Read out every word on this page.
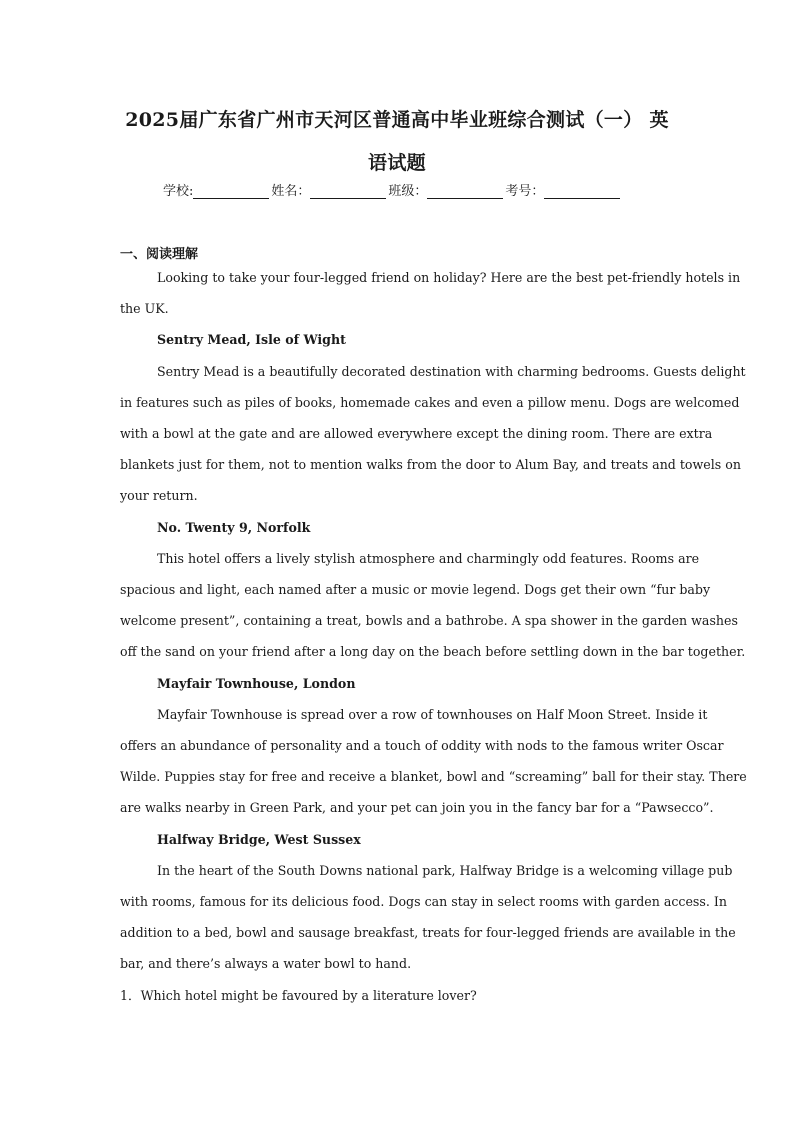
2025届广东省广州市天河区普通高中毕业班综合测试（一） 英
语试题
学校:	姓名：	班级：	考号：
一、阅读理解
Looking to take your four-legged friend on holiday? Here are the best pet-friendly hotels in
the UK.
Sentry Mead, Isle of Wight
Sentry Mead is a beautifully decorated destination with charming bedrooms. Guests delight
in features such as piles of books, homemade cakes and even a pillow menu. Dogs are welcomed
with a bowl at the gate and are allowed everywhere except the dining room. There are extra
blankets just for them, not to mention walks from the door to Alum Bay, and treats and towels on
your return.
No. Twenty 9, Norfolk
This hotel offers a lively stylish atmosphere and charmingly odd features. Rooms are
spacious and light, each named after a music or movie legend. Dogs get their own “fur baby
welcome present”, containing a treat, bowls and a bathrobe. A spa shower in the garden washes
off the sand on your friend after a long day on the beach before settling down in the bar together.
Mayfair Townhouse, London
Mayfair Townhouse is spread over a row of townhouses on Half Moon Street. Inside it
offers an abundance of personality and a touch of oddity with nods to the famous writer Oscar
Wilde. Puppies stay for free and receive a blanket, bowl and “screaming” ball for their stay. There
are walks nearby in Green Park, and your pet can join you in the fancy bar for a “Pawsecco”.
Halfway Bridge, West Sussex
In the heart of the South Downs national park, Halfway Bridge is a welcoming village pub
with rooms, famous for its delicious food. Dogs can stay in select rooms with garden access. In
addition to a bed, bowl and sausage breakfast, treats for four-legged friends are available in the
bar, and there’s always a water bowl to hand.
1．Which hotel might be favoured by a literature lover?
